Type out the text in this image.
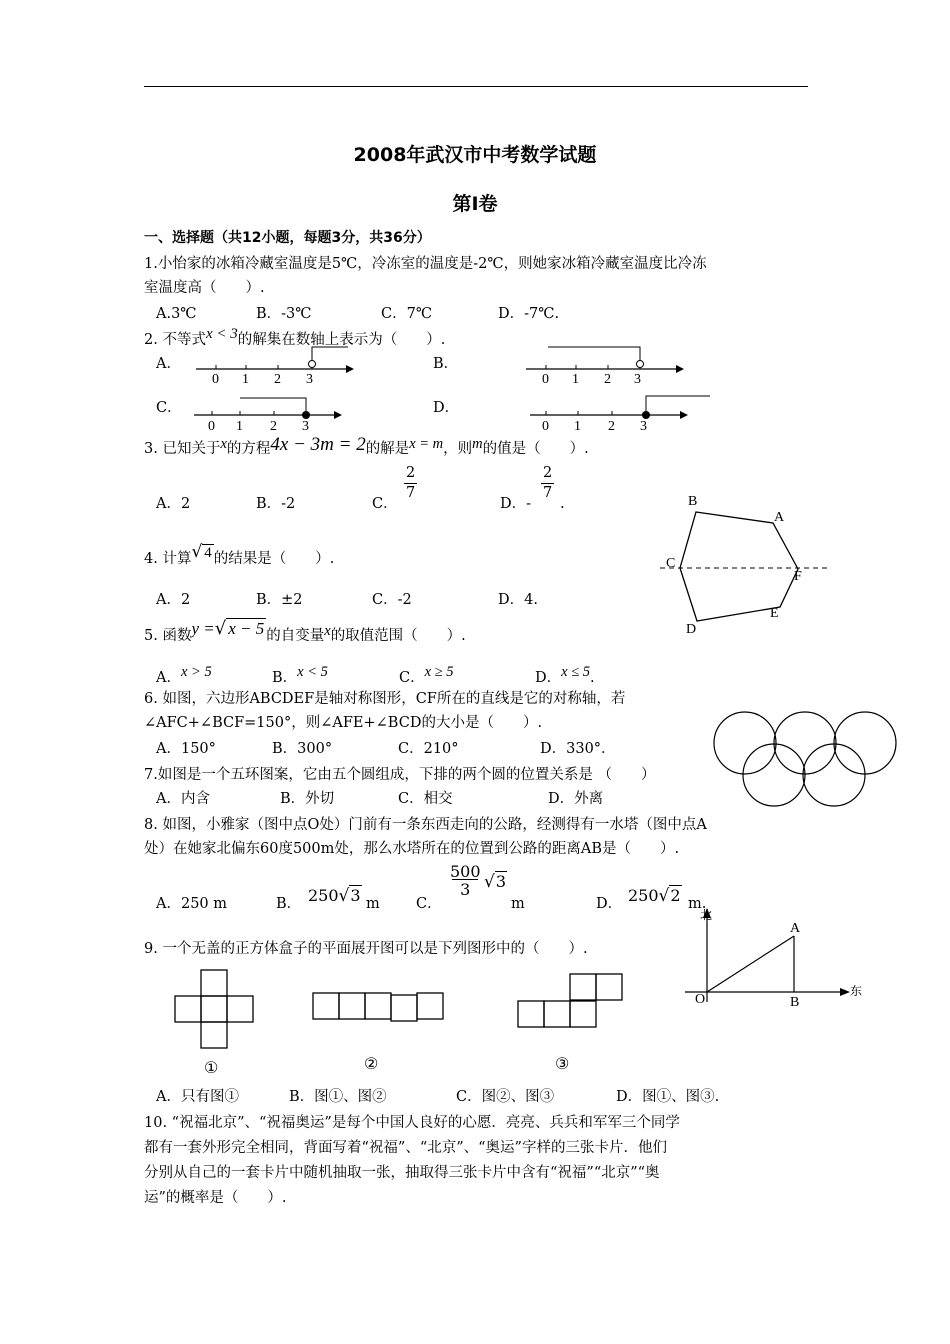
2008年武汉市中考数学试题
第Ⅰ卷
一、选择题（共12小题，每题3分，共36分）
1.小怡家的冰箱冷藏室温度是5℃，冷冻室的温度是-2℃，则她家冰箱冷藏室温度比冷冻
室温度高（　　）.
A.3℃	B．-3℃	C．7℃	D．-7℃.
2. 不等式x < 3的解集在数轴上表示为（　　）.
A．	B．
C．	D．
0 1 2 3	0 1 2 3
0 1 2 3	0 1 2 3
3. 已知关于x的方程4x − 3m = 2的解是x = m，则m的值是（　　）.
A．2	B．-2	C．
$\frac{2}{7}$
D．-
$\frac{2}{7}$
.	B
A
C
F
E
D
4. 计算√ 4 的结果是（　　）.
A．2	B．±2	C．-2	D．4.
5. 函数y =√ x − 5 的自变量x的取值范围（　　）.
A．x > 5	B．x < 5	C．x ≥ 5	D．x ≤ 5.
6. 如图，六边形ABCDEF是轴对称图形，CF所在的直线是它的对称轴，若
∠AFC+∠BCF=150°，则∠AFE+∠BCD的大小是（　　）.
A．150°	B．300°	C．210°	D．330°．
7.如图是一个五环图案，它由五个圆组成，下排的两个圆的位置关系是 （　　）
A．内含	B．外切	C．相交	D．外离
8. 如图，小雅家（图中点O处）门前有一条东西走向的公路，经测得有一水塔（图中点A
处）在她家北偏东60度500m处，那么水塔所在的位置到公路的距离AB是（　　）.
A．250 m	B． 250√3 m	C．
$\frac{500}{3} √3$
m	D． 250√2 m.
北
东
O
A
B
9. 一个无盖的正方体盒子的平面展开图可以是下列图形中的（　　）.
①	②	③
A．只有图①	B．图①、图②	C．图②、图③	D．图①、图③.
10. “祝福北京”、“祝福奥运”是每个中国人良好的心愿．亮亮、兵兵和军军三个同学
都有一套外形完全相同，背面写着“祝福”、“北京”、“奥运”字样的三张卡片．他们
分别从自己的一套卡片中随机抽取一张，抽取得三张卡片中含有“祝福”“北京”“奥
运”的概率是（　　）.
